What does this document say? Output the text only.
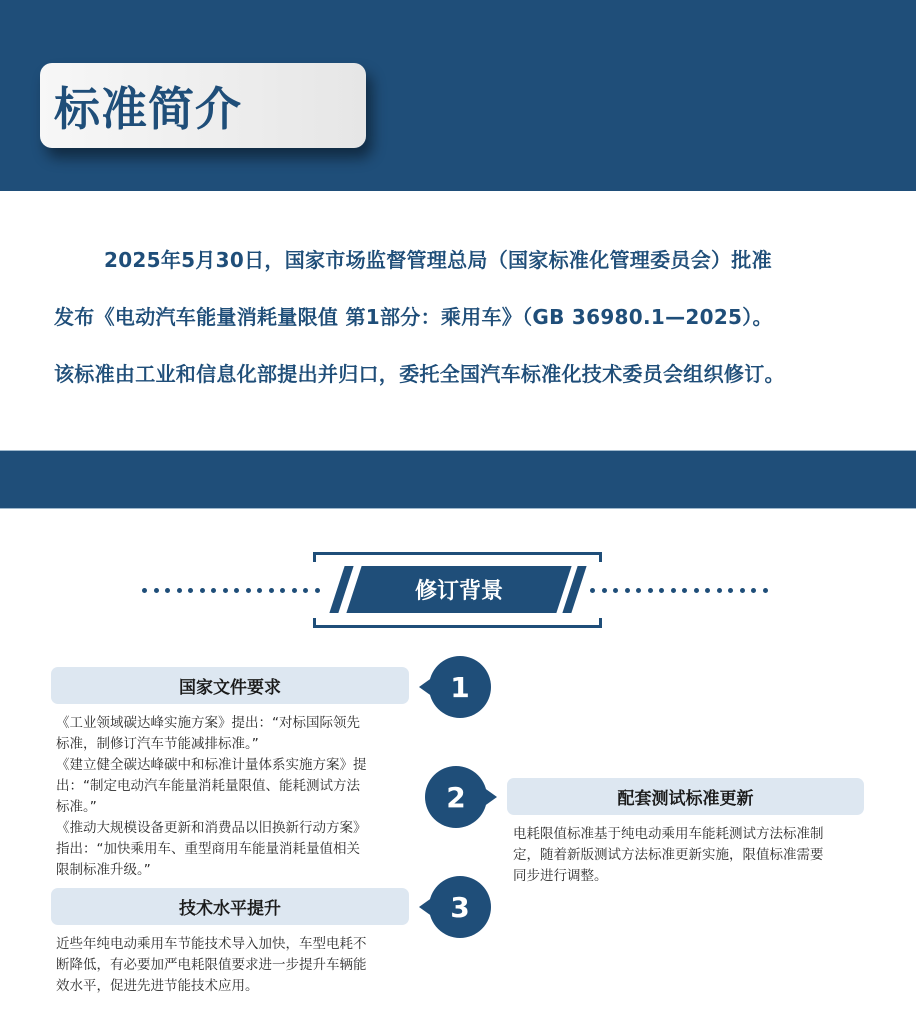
标准简介

2025年5月30日，国家市场监督管理总局（国家标准化管理委员会）批准

发布《电动汽车能量消耗量限值 第1部分：乘用车》（GB 36980.1—2025）。

该标准由工业和信息化部提出并归口，委托全国汽车标准化技术委员会组织修订。

修订背景
国家文件要求	1
《工业领域碳达峰实施方案》提出：“对标国际领先
标准，制修订汽车节能减排标准。”
《建立健全碳达峰碳中和标准计量体系实施方案》提
出：“制定电动汽车能量消耗量限值、能耗测试方法
标准。”
《推动大规模设备更新和消费品以旧换新行动方案》
指出：“加快乘用车、重型商用车能量消耗量值相关
限制标准升级。”
2	配套测试标准更新
电耗限值标准基于纯电动乘用车能耗测试方法标准制
定，随着新版测试方法标准更新实施，限值标准需要
同步进行调整。
技术水平提升	3
近些年纯电动乘用车节能技术导入加快，车型电耗不
断降低，有必要加严电耗限值要求进一步提升车辆能
效水平，促进先进节能技术应用。
